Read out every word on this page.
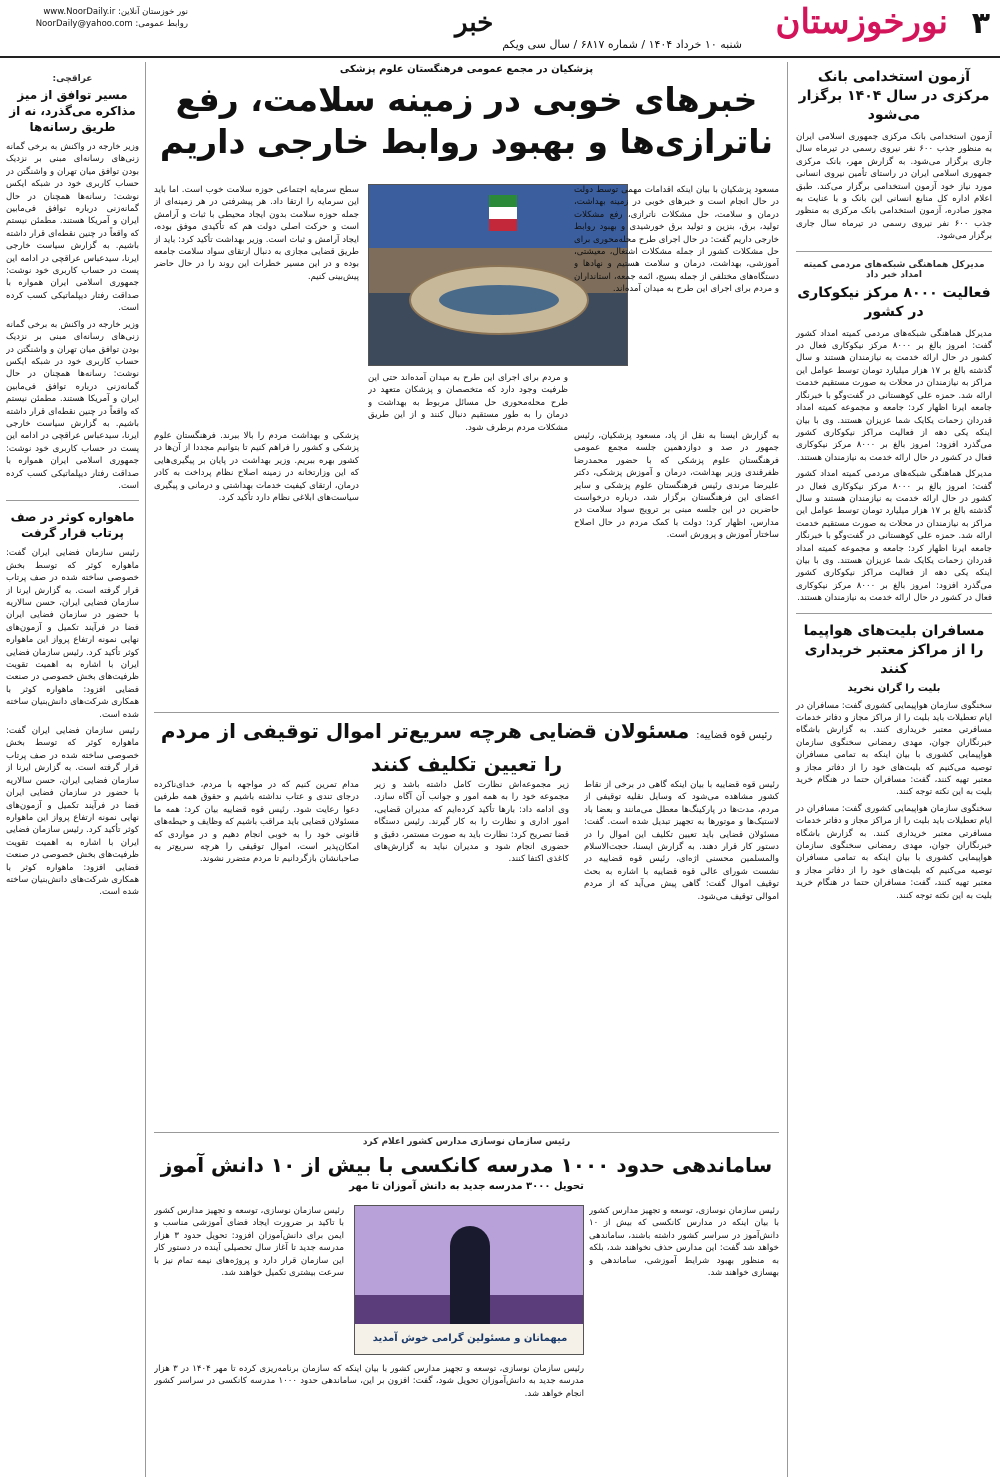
۳
نورخوزستان
شنبه ۱۰ خرداد ۱۴۰۴ / شماره ۶۸۱۷ / سال سی ویکم
خبر
نور خوزستان آنلاین: www.NoorDaily.ir
روابط عمومی: NoorDaily@yahoo.com
آزمون استخدامی بانک مرکزی در سال ۱۴۰۴ برگزار می‌شود

آزمون استخدامی بانک مرکزی جمهوری اسلامی ایران به منظور جذب ۶۰۰ نفر نیروی رسمی در تیرماه سال جاری برگزار می‌شود. به گزارش مهر، بانک مرکزی جمهوری اسلامی ایران در راستای تأمین نیروی انسانی مورد نیاز خود آزمون استخدامی برگزار می‌کند. طبق اعلام اداره کل منابع انسانی این بانک و با عنایت به مجوز صادره، آزمون استخدامی بانک مرکزی به منظور جذب ۶۰۰ نفر نیروی رسمی در تیرماه سال جاری برگزار می‌شود.

مدیرکل هماهنگی شبکه‌های مردمی کمیته امداد خبر داد
فعالیت ۸۰۰۰ مرکز نیکوکاری در کشور

مدیرکل هماهنگی شبکه‌های مردمی کمیته امداد کشور گفت: امروز بالغ بر ۸۰۰۰ مرکز نیکوکاری فعال در کشور در حال ارائه خدمت به نیازمندان هستند و سال گذشته بالغ بر ۱۷ هزار میلیارد تومان توسط عوامل این مراکز به نیازمندان در محلات به صورت مستقیم خدمت ارائه شد. حمزه علی کوهستانی در گفت‌وگو با خبرنگار جامعه ایرنا اظهار کرد: جامعه و مجموعه کمیته امداد قدردان زحمات یکایک شما عزیزان هستند. وی با بیان اینکه یکی دهه از فعالیت مراکز نیکوکاری کشور می‌گذرد افزود: امروز بالغ بر ۸۰۰۰ مرکز نیکوکاری فعال در کشور در حال ارائه خدمت به نیازمندان هستند.

مدیرکل هماهنگی شبکه‌های مردمی کمیته امداد کشور گفت: امروز بالغ بر ۸۰۰۰ مرکز نیکوکاری فعال در کشور در حال ارائه خدمت به نیازمندان هستند و سال گذشته بالغ بر ۱۷ هزار میلیارد تومان توسط عوامل این مراکز به نیازمندان در محلات به صورت مستقیم خدمت ارائه شد. حمزه علی کوهستانی در گفت‌وگو با خبرنگار جامعه ایرنا اظهار کرد: جامعه و مجموعه کمیته امداد قدردان زحمات یکایک شما عزیزان هستند. وی با بیان اینکه یکی دهه از فعالیت مراکز نیکوکاری کشور می‌گذرد افزود: امروز بالغ بر ۸۰۰۰ مرکز نیکوکاری فعال در کشور در حال ارائه خدمت به نیازمندان هستند.

مسافران بلیت‌های هواپیما را از مراکز معتبر خریداری کنند
بلیت را گران نخرید

سخنگوی سازمان هواپیمایی کشوری گفت: مسافران در ایام تعطیلات باید بلیت را از مراکز مجاز و دفاتر خدمات مسافرتی معتبر خریداری کنند. به گزارش باشگاه خبرنگاران جوان، مهدی رمضانی سخنگوی سازمان هواپیمایی کشوری با بیان اینکه به تمامی مسافران توصیه می‌کنیم که بلیت‌های خود را از دفاتر مجاز و معتبر تهیه کنند، گفت: مسافران حتما در هنگام خرید بلیت به این نکته توجه کنند.

سخنگوی سازمان هواپیمایی کشوری گفت: مسافران در ایام تعطیلات باید بلیت را از مراکز مجاز و دفاتر خدمات مسافرتی معتبر خریداری کنند. به گزارش باشگاه خبرنگاران جوان، مهدی رمضانی سخنگوی سازمان هواپیمایی کشوری با بیان اینکه به تمامی مسافران توصیه می‌کنیم که بلیت‌های خود را از دفاتر مجاز و معتبر تهیه کنند، گفت: مسافران حتما در هنگام خرید بلیت به این نکته توجه کنند.

عراقچی:
مسیر توافق از میز مذاکره می‌گذرد، نه از طریق رسانه‌ها

وزیر خارجه در واکنش به برخی گمانه زنی‌های رسانه‌ای مبنی بر نزدیک بودن توافق میان تهران و واشنگتن در حساب کاربری خود در شبکه ایکس نوشت: رسانه‌ها همچنان در حال گمانه‌زنی درباره توافق فی‌مابین ایران و آمریکا هستند. مطمئن نیستم که واقعاً در چنین نقطه‌ای قرار داشته باشیم. به گزارش سیاست خارجی ایرنا، سیدعباس عراقچی در ادامه این پست در حساب کاربری خود نوشت: جمهوری اسلامی ایران همواره با صداقت رفتار دیپلماتیکی کسب کرده است.

وزیر خارجه در واکنش به برخی گمانه زنی‌های رسانه‌ای مبنی بر نزدیک بودن توافق میان تهران و واشنگتن در حساب کاربری خود در شبکه ایکس نوشت: رسانه‌ها همچنان در حال گمانه‌زنی درباره توافق فی‌مابین ایران و آمریکا هستند. مطمئن نیستم که واقعاً در چنین نقطه‌ای قرار داشته باشیم. به گزارش سیاست خارجی ایرنا، سیدعباس عراقچی در ادامه این پست در حساب کاربری خود نوشت: جمهوری اسلامی ایران همواره با صداقت رفتار دیپلماتیکی کسب کرده است.

ماهواره کوثر در صف پرتاب قرار گرفت

رئیس سازمان فضایی ایران گفت: ماهواره کوثر که توسط بخش خصوصی ساخته شده در صف پرتاب قرار گرفته است. به گزارش ایرنا از سازمان فضایی ایران، حسن سالاریه با حضور در سازمان فضایی ایران فضا در فرآیند تکمیل و آزمون‌های نهایی نمونه ارتفاع پرواز این ماهواره کوثر تأکید کرد. رئیس سازمان فضایی ایران با اشاره به اهمیت تقویت ظرفیت‌های بخش خصوصی در صنعت فضایی افزود: ماهواره کوثر با همکاری شرکت‌های دانش‌بنیان ساخته شده است.

رئیس سازمان فضایی ایران گفت: ماهواره کوثر که توسط بخش خصوصی ساخته شده در صف پرتاب قرار گرفته است. به گزارش ایرنا از سازمان فضایی ایران، حسن سالاریه با حضور در سازمان فضایی ایران فضا در فرآیند تکمیل و آزمون‌های نهایی نمونه ارتفاع پرواز این ماهواره کوثر تأکید کرد. رئیس سازمان فضایی ایران با اشاره به اهمیت تقویت ظرفیت‌های بخش خصوصی در صنعت فضایی افزود: ماهواره کوثر با همکاری شرکت‌های دانش‌بنیان ساخته شده است.

پزشکیان در مجمع عمومی فرهنگستان علوم پزشکی
خبرهای خوبی در زمینه سلامت، رفع
ناترازی‌ها و بهبود روابط خارجی داریم

مسعود پزشکیان با بیان اینکه اقدامات مهمی توسط دولت در حال انجام است و خبرهای خوبی در زمینه بهداشت، درمان و سلامت، حل مشکلات ناترازی، رفع مشکلات تولید، برق، بنزین و تولید برق خورشیدی و بهبود روابط خارجی داریم گفت: در حال اجرای طرح محله‌محوری برای حل مشکلات کشور از جمله مشکلات اشتغال، معیشتی، آموزشی، بهداشت، درمان و سلامت هستیم و نهادها و دستگاه‌های مختلفی از جمله بسیج، ائمه جمعه، استانداران و مردم برای اجرای این طرح به میدان آمده‌اند.

به گزارش ایسنا به نقل از پاد، مسعود پزشکیان، رئیس جمهور در صد و دوازدهمین جلسه مجمع عمومی فرهنگستان علوم پزشکی که با حضور محمدرضا ظفرقندی وزیر بهداشت، درمان و آموزش پزشکی، دکتر علیرضا مرندی رئیس فرهنگستان علوم پزشکی و سایر اعضای این فرهنگستان برگزار شد، درباره درخواست حاضرین در این جلسه مبنی بر ترویج سواد سلامت در مدارس، اظهار کرد: دولت با کمک مردم در حال اصلاح ساختار آموزش و پرورش است.

و مردم برای اجرای این طرح به میدان آمده‌اند حتی این ظرفیت وجود دارد که متخصصان و پزشکان متعهد در طرح محله‌محوری حل مسائل مربوط به بهداشت و درمان را به طور مستقیم دنبال کنند و از این طریق مشکلات مردم برطرف شود.

سطح سرمایه اجتماعی حوزه سلامت خوب است. اما باید این سرمایه را ارتقا داد. هر پیشرفتی در هر زمینه‌ای از جمله حوزه سلامت بدون ایجاد محیطی با ثبات و آرامش است و حرکت اصلی دولت هم که تأکیدی موفق بوده، ایجاد آرامش و ثبات است. وزیر بهداشت تأکید کرد: باید از طریق قضایی مجازی به دنبال ارتقای سواد سلامت جامعه بوده و در این مسیر خطرات این روند را در حال حاضر پیش‌بینی کنیم.

پزشکی و بهداشت مردم را بالا ببرند. فرهنگستان علوم پزشکی و کشور را فراهم کنیم تا بتوانیم مجددا از آن‌ها در کشور بهره ببریم. وزیر بهداشت در پایان بر پیگیری‌هایی که این وزارتخانه در زمینه اصلاح نظام پرداخت به کادر درمان، ارتقای کیفیت خدمات بهداشتی و درمانی و پیگیری سیاست‌های ابلاغی نظام دارد تأکید کرد.

رئیس قوه قضاییه: مسئولان قضایی هرچه سریع‌تر اموال توقیفی از مردم را تعیین تکلیف کنند

رئیس قوه قضاییه با بیان اینکه گاهی در برخی از نقاط کشور مشاهده می‌شود که وسایل نقلیه توقیفی از مردم، مدت‌ها در پارکینگ‌ها معطل می‌مانند و بعضا باد لاستیک‌ها و موتورها به تجهیز تبدیل شده است. گفت: مسئولان قضایی باید تعیین تکلیف این اموال را در دستور کار قرار دهند. به گزارش ایسنا، حجت‌الاسلام والمسلمین محسنی اژه‌ای، رئیس قوه قضاییه در نشست شورای عالی قوه قضاییه با اشاره به بحث توقیف اموال گفت: گاهی پیش می‌آید که از مردم اموالی توقیف می‌شود.

زیر مجموعه‌اش نظارت کامل داشته باشد و زیر مجموعه خود را به همه امور و جوانب آن آگاه سازد. وی ادامه داد: بارها تأکید کرده‌ایم که مدیران قضایی، امور اداری و نظارت را به کار گیرند. رئیس دستگاه قضا تصریح کرد: نظارت باید به صورت مستمر، دقیق و حضوری انجام شود و مدیران نباید به گزارش‌های کاغذی اکتفا کنند.

مدام تمرین کنیم که در مواجهه با مردم، خدای‌ناکرده درجای تندی و عتاب نداشته باشیم و حقوق همه طرفین دعوا رعایت شود. رئیس قوه قضاییه بیان کرد: همه ما مسئولان قضایی باید مراقب باشیم که وظایف و حیطه‌های قانونی خود را به خوبی انجام دهیم و در مواردی که امکان‌پذیر است، اموال توقیفی را هرچه سریع‌تر به صاحبانشان بازگردانیم تا مردم متضرر نشوند.

رئیس سازمان نوسازی مدارس کشور اعلام کرد
ساماندهی حدود ۱۰۰۰ مدرسه کانکسی با بیش از ۱۰ دانش آموز
تحویل ۳۰۰۰ مدرسه جدید به دانش آموزان تا مهر
میهمانان و مسئولین گرامی خوش آمدید

رئیس سازمان نوسازی، توسعه و تجهیز مدارس کشور با بیان اینکه در مدارس کانکسی که بیش از ۱۰ دانش‌آموز در سراسر کشور داشته باشند، ساماندهی خواهد شد گفت: این مدارس حذف نخواهند شد، بلکه به منظور بهبود شرایط آموزشی، ساماندهی و بهسازی خواهند شد.

رئیس سازمان نوسازی، توسعه و تجهیز مدارس کشور با تاکید بر ضرورت ایجاد فضای آموزشی مناسب و ایمن برای دانش‌آموزان افزود: تحویل حدود ۳ هزار مدرسه جدید تا آغاز سال تحصیلی آینده در دستور کار این سازمان قرار دارد و پروژه‌های نیمه تمام نیز با سرعت بیشتری تکمیل خواهند شد.

رئیس سازمان نوسازی، توسعه و تجهیز مدارس کشور با بیان اینکه که سازمان برنامه‌ریزی کرده تا مهر ۱۴۰۴ در ۳ هزار مدرسه جدید به دانش‌آموزان تحویل شود، گفت: افزون بر این، ساماندهی حدود ۱۰۰۰ مدرسه کانکسی در سراسر کشور انجام خواهد شد.
